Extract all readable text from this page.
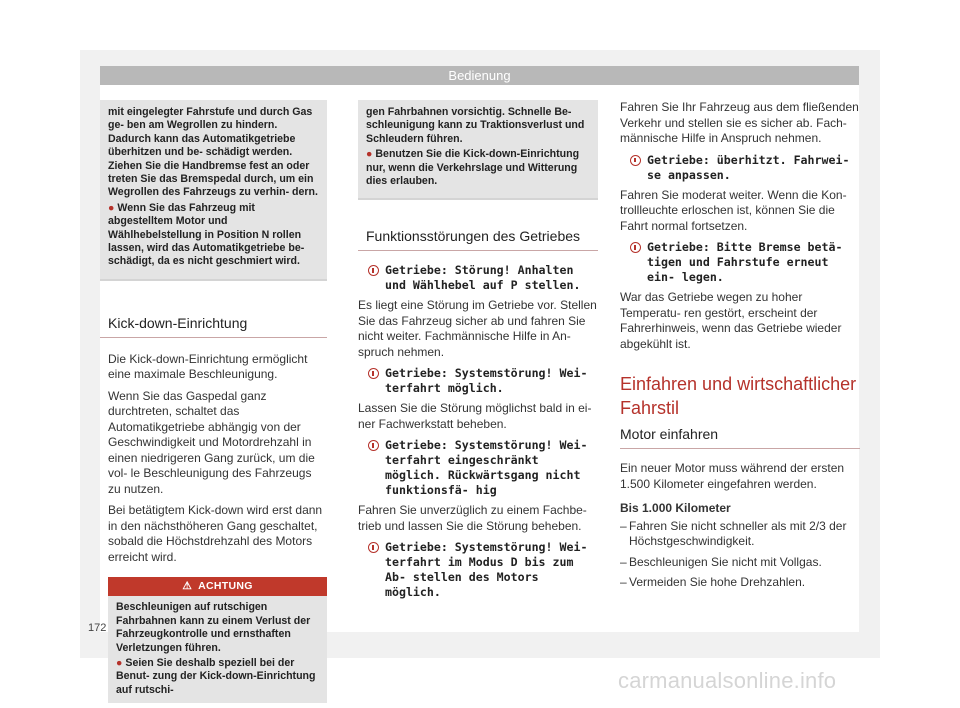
Bedienung

mit eingelegter Fahrstufe und durch Gas ge- ben am Wegrollen zu hindern. Dadurch kann das Automatikgetriebe überhitzen und be- schädigt werden. Ziehen Sie die Handbremse fest an oder treten Sie das Bremspedal durch, um ein Wegrollen des Fahrzeugs zu verhin- dern.

● Wenn Sie das Fahrzeug mit abgestelltem Motor und Wählhebelstellung in Position N rollen lassen, wird das Automatikgetriebe be- schädigt, da es nicht geschmiert wird.

Kick-down-Einrichtung

Die Kick-down-Einrichtung ermöglicht eine maximale Beschleunigung.

Wenn Sie das Gaspedal ganz durchtreten, schaltet das Automatikgetriebe abhängig von der Geschwindigkeit und Motordrehzahl in einen niedrigeren Gang zurück, um die vol- le Beschleunigung des Fahrzeugs zu nutzen.

Bei betätigtem Kick-down wird erst dann in den nächsthöheren Gang geschaltet, sobald die Höchstdrehzahl des Motors erreicht wird.

⚠ ACHTUNG

Beschleunigen auf rutschigen Fahrbahnen kann zu einem Verlust der Fahrzeugkontrolle und ernsthaften Verletzungen führen.

● Seien Sie deshalb speziell bei der Benut- zung der Kick-down-Einrichtung auf rutschi-

gen Fahrbahnen vorsichtig. Schnelle Be- schleunigung kann zu Traktionsverlust und Schleudern führen.

● Benutzen Sie die Kick-down-Einrichtung nur, wenn die Verkehrslage und Witterung dies erlauben.

Funktionsstörungen des Getriebes
Getriebe: Störung! Anhalten und Wählhebel auf P stellen.

Es liegt eine Störung im Getriebe vor. Stellen Sie das Fahrzeug sicher ab und fahren Sie nicht weiter. Fachmännische Hilfe in An- spruch nehmen.

Getriebe: Systemstörung! Wei- terfahrt möglich.

Lassen Sie die Störung möglichst bald in ei- ner Fachwerkstatt beheben.

Getriebe: Systemstörung! Wei- terfahrt eingeschränkt möglich. Rückwärtsgang nicht funktionsfä- hig

Fahren Sie unverzüglich zu einem Fachbe- trieb und lassen Sie die Störung beheben.

Getriebe: Systemstörung! Wei- terfahrt im Modus D bis zum Ab- stellen des Motors möglich.

Fahren Sie Ihr Fahrzeug aus dem fließenden Verkehr und stellen sie es sicher ab. Fach- männische Hilfe in Anspruch nehmen.

Getriebe: überhitzt. Fahrwei- se anpassen.

Fahren Sie moderat weiter. Wenn die Kon- trollleuchte erloschen ist, können Sie die Fahrt normal fortsetzen.

Getriebe: Bitte Bremse betä- tigen und Fahrstufe erneut ein- legen.

War das Getriebe wegen zu hoher Temperatu- ren gestört, erscheint der Fahrerhinweis, wenn das Getriebe wieder abgekühlt ist.

Einfahren und wirtschaftlicher Fahrstil
Motor einfahren

Ein neuer Motor muss während der ersten 1.500 Kilometer eingefahren werden.

Bis 1.000 Kilometer

– Fahren Sie nicht schneller als mit 2/3 der Höchstgeschwindigkeit.
– Beschleunigen Sie nicht mit Vollgas.
– Vermeiden Sie hohe Drehzahlen.
172
carmanualsonline.info
